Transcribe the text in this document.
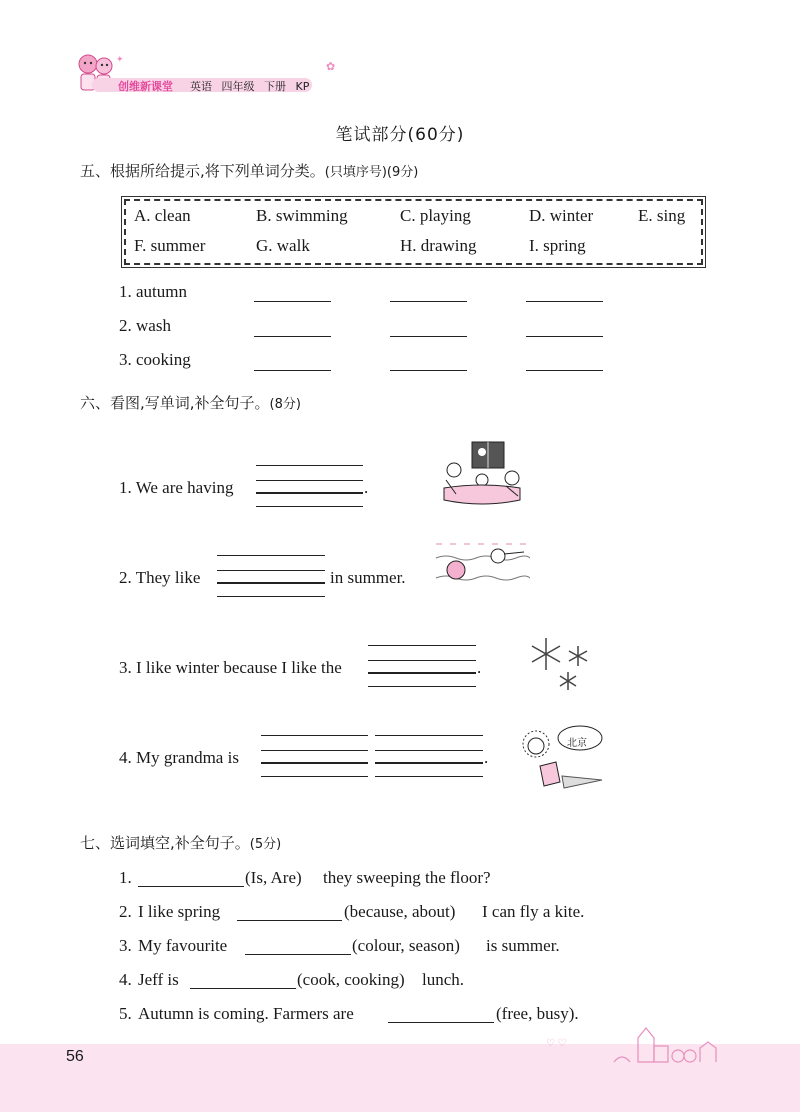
创维新课堂 英语 四年级 下册 KP
✿
✦
笔试部分(60分)
五、根据所给提示,将下列单词分类。(只填序号)(9分)
A. clean	B. swimming	C. playing	D. winter	E. sing
F. summer	G. walk	H. drawing	I. spring
1. autumn
2. wash
3. cooking
六、看图,写单词,补全句子。(8分)
1. We are having	.
2. They like	in summer.
3. I like winter because I like the	.
4. My grandma is	.
北京
七、选词填空,补全句子。(5分)
1.	(Is, Are) they sweeping the floor?
2. I like spring	(because, about) I can fly a kite.
3. My favourite	(colour, season) is summer.
4. Jeff is	(cook, cooking) lunch.
5. Autumn is coming. Farmers are	(free, busy).
56
♡ ♡
